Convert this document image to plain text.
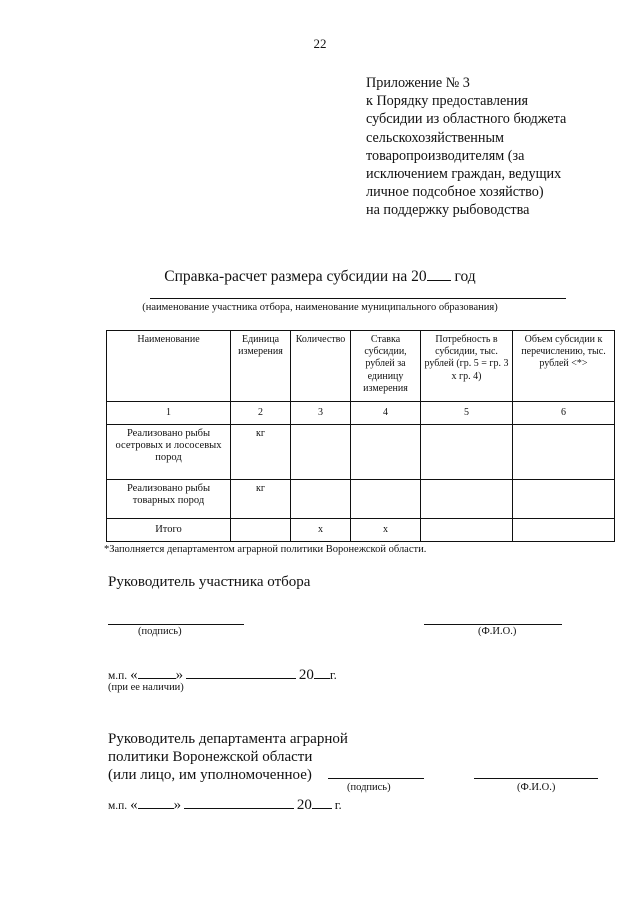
22
Приложение № 3
к Порядку предоставления
субсидии из областного бюджета
сельскохозяйственным
товаропроизводителям (за
исключением граждан, ведущих
личное подсобное хозяйство)
на поддержку рыбоводства
Справка-расчет размера субсидии на 20 год
(наименование участника отбора, наименование муниципального образования)
Наименование	Единица измерения	Количество	Ставка субсидии, рублей за единицу измерения	Потребность в субсидии, тыс. рублей (гр. 5 = гр. 3 х гр. 4)	Объем субсидии к перечислению, тыс. рублей <*>
1	2	3	4	5	6
Реализовано рыбы осетровых и лососевых пород	кг				
Реализовано рыбы товарных пород	кг				
Итого		х	х		
*Заполняется департаментом аграрной политики Воронежской области.
Руководитель участника отбора
(подпись)	(Ф.И.О.)
м.п. «	»	20 г.
(при ее наличии)
Руководитель департамента аграрной
политики Воронежской области
(или лицо, им уполномоченное)
(подпись)	(Ф.И.О.)
м.п. « »	20 г.
